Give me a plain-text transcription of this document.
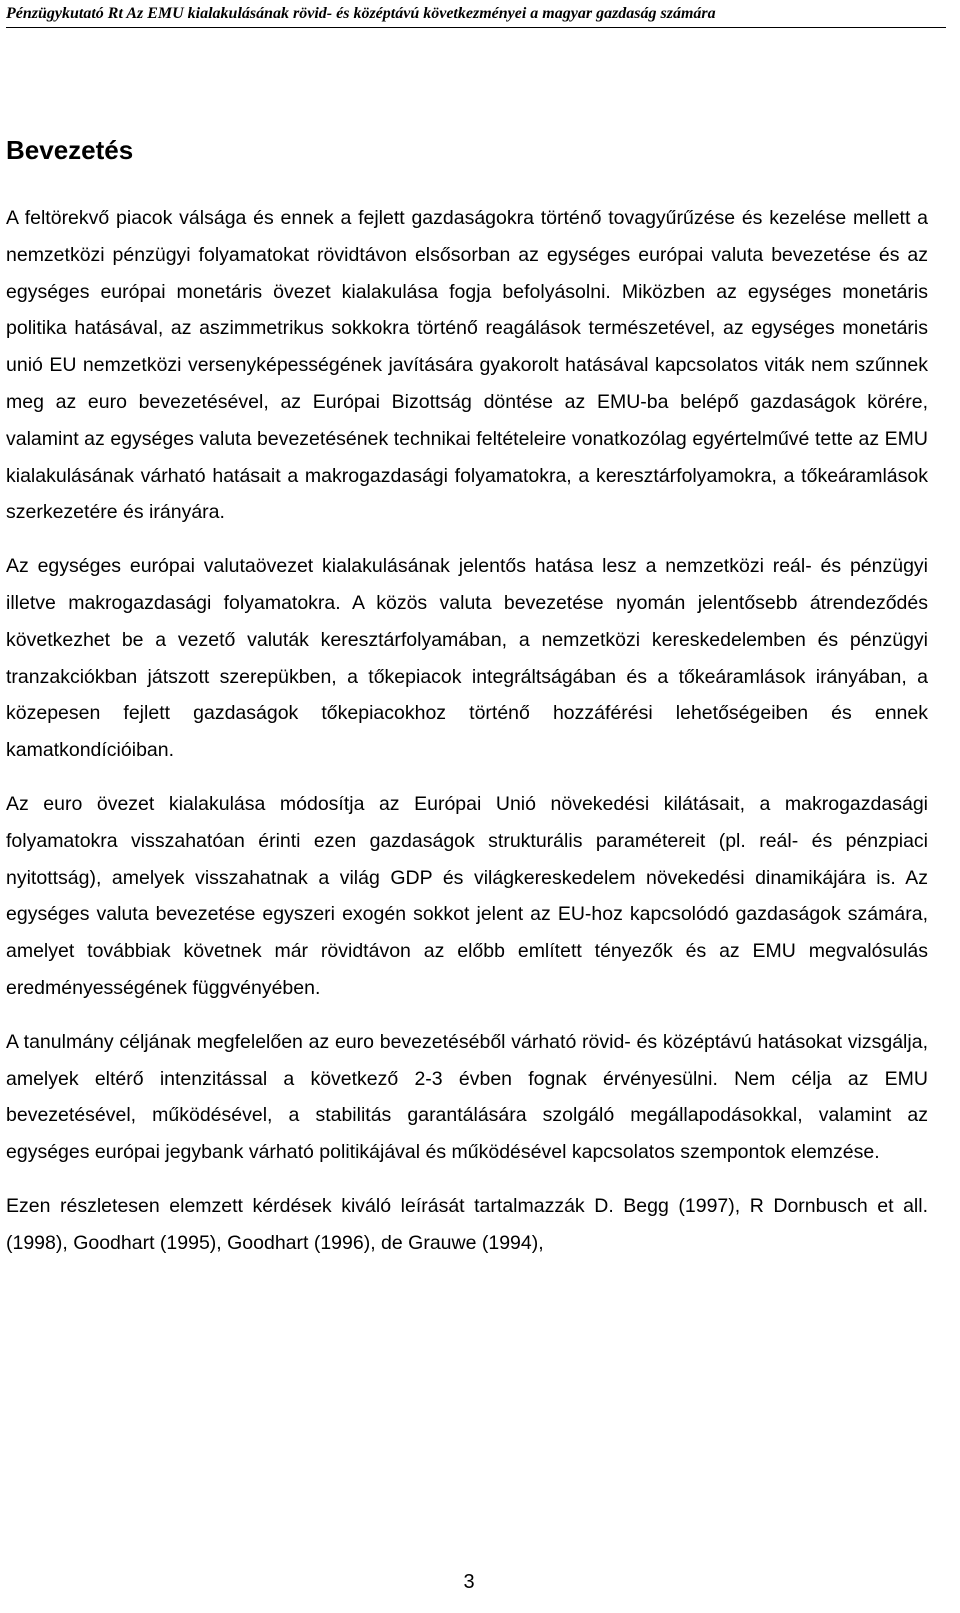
Pénzügykutató Rt Az EMU kialakulásának rövid- és középtávú következményei a magyar gazdaság számára
Bevezetés

A feltörekvő piacok válsága és ennek a fejlett gazdaságokra történő tovagyűrűzése és kezelése mellett a nemzetközi pénzügyi folyamatokat rövidtávon elsősorban az egységes európai valuta bevezetése és az egységes európai monetáris övezet kialakulása fogja befolyásolni. Miközben az egységes monetáris politika hatásával, az aszimmetrikus sokkokra történő reagálások természetével, az egységes monetáris unió EU nemzetközi versenyképességének javítására gyakorolt hatásával kapcsolatos viták nem szűnnek meg az euro bevezetésével, az Európai Bizottság döntése az EMU-ba belépő gazdaságok körére, valamint az egységes valuta bevezetésének technikai feltételeire vonatkozólag egyértelművé tette az EMU kialakulásának várható hatásait a makrogazdasági folyamatokra, a keresztárfolyamokra, a tőkeáramlások szerkezetére és irányára.

Az egységes európai valutaövezet kialakulásának jelentős hatása lesz a nemzetközi reál- és pénzügyi illetve makrogazdasági folyamatokra. A közös valuta bevezetése nyomán jelentősebb átrendeződés következhet be a vezető valuták keresztárfolyamában, a nemzetközi kereskedelemben és pénzügyi tranzakciókban játszott szerepükben, a tőkepiacok integráltságában és a tőkeáramlások irányában, a közepesen fejlett gazdaságok tőkepiacokhoz történő hozzáférési lehetőségeiben és ennek kamatkondícióiban.

Az euro övezet kialakulása módosítja az Európai Unió növekedési kilátásait, a makrogazdasági folyamatokra visszahatóan érinti ezen gazdaságok strukturális paramétereit (pl. reál- és pénzpiaci nyitottság), amelyek visszahatnak a világ GDP és világkereskedelem növekedési dinamikájára is. Az egységes valuta bevezetése egyszeri exogén sokkot jelent az EU-hoz kapcsolódó gazdaságok számára, amelyet továbbiak követnek már rövidtávon az előbb említett tényezők és az EMU megvalósulás eredményességének függvényében.

A tanulmány céljának megfelelően az euro bevezetéséből várható rövid- és középtávú hatásokat vizsgálja, amelyek eltérő intenzitással a következő 2-3 évben fognak érvényesülni. Nem célja az EMU bevezetésével, működésével, a stabilitás garantálására szolgáló megállapodásokkal, valamint az egységes európai jegybank várható politikájával és működésével kapcsolatos szempontok elemzése.

Ezen részletesen elemzett kérdések kiváló leírását tartalmazzák D. Begg (1997), R Dornbusch et all. (1998), Goodhart (1995), Goodhart (1996), de Grauwe (1994),

3
